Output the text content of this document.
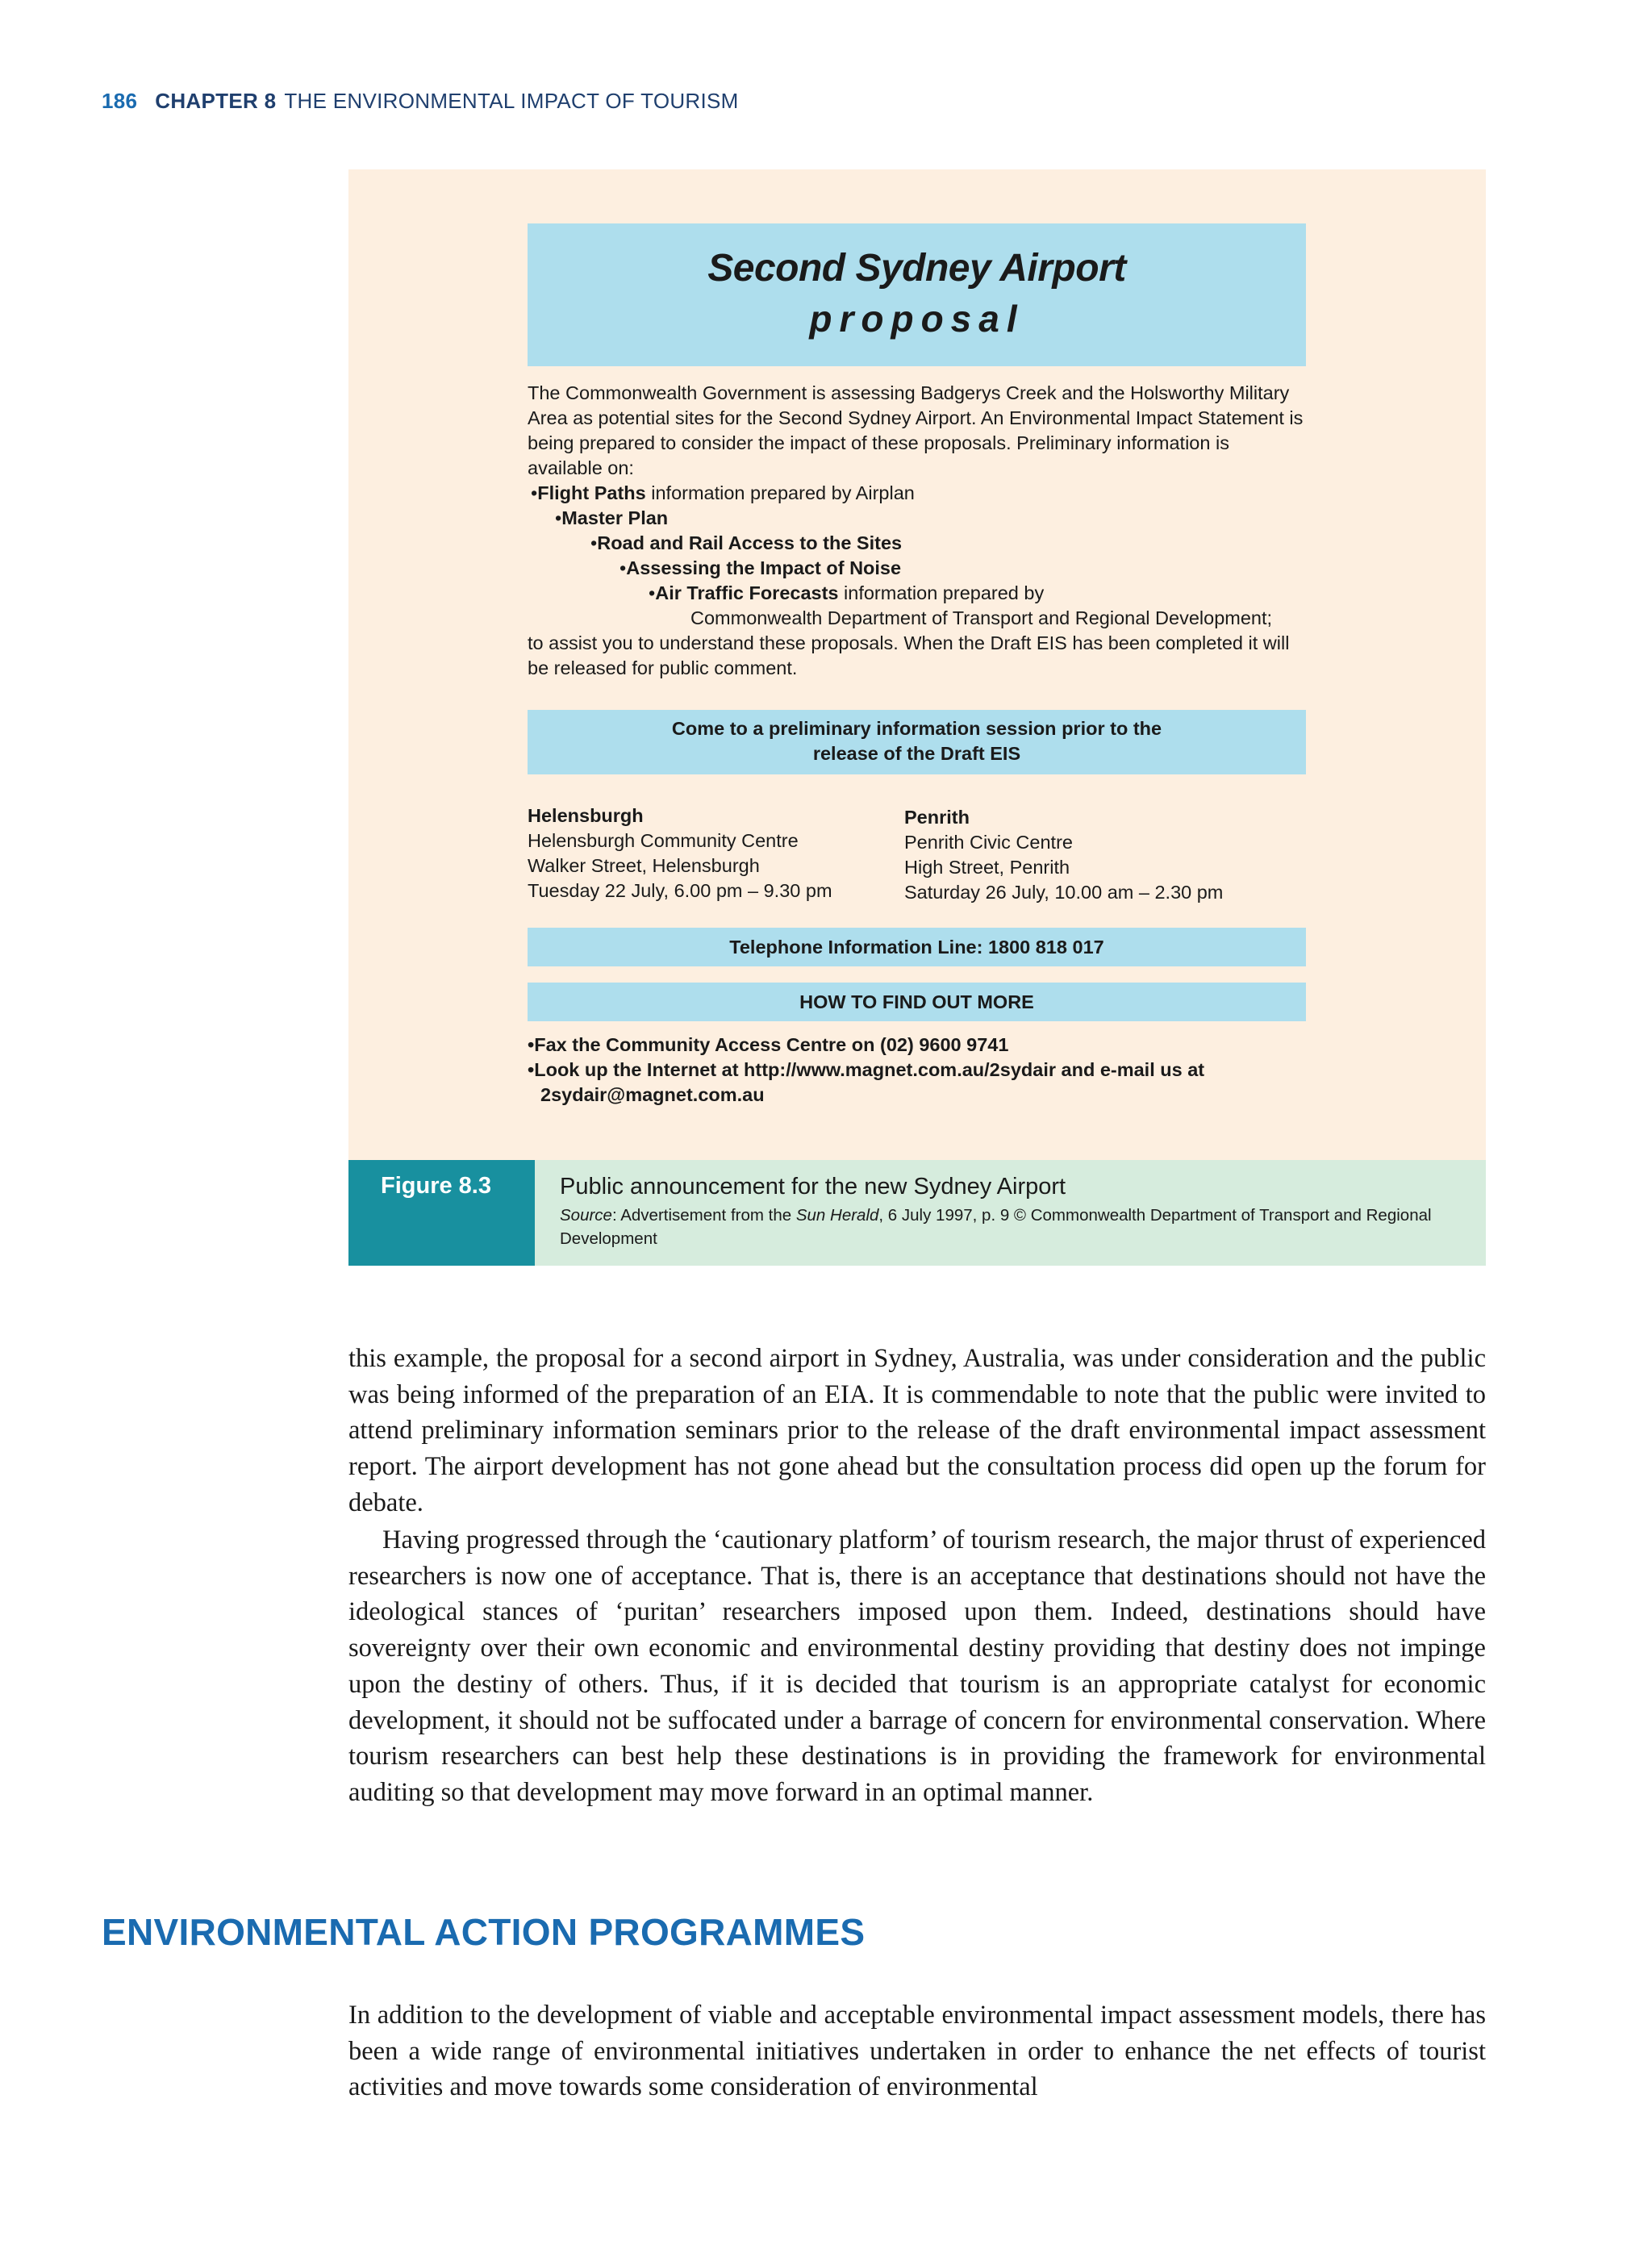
186 CHAPTER 8 THE ENVIRONMENTAL IMPACT OF TOURISM
Second Sydney Airport
proposal
The Commonwealth Government is assessing Badgerys Creek and the Holsworthy Military Area as potential sites for the Second Sydney Airport. An Environmental Impact Statement is being prepared to consider the impact of these proposals. Preliminary information is available on:
•Flight Paths information prepared by Airplan
•Master Plan
•Road and Rail Access to the Sites
•Assessing the Impact of Noise
•Air Traffic Forecasts information prepared by
Commonwealth Department of Transport and Regional Development;
to assist you to understand these proposals. When the Draft EIS has been completed it will be released for public comment.
Come to a preliminary information session prior to the
release of the Draft EIS
Helensburgh
Helensburgh Community Centre
Walker Street, Helensburgh
Tuesday 22 July, 6.00 pm – 9.30 pm
Penrith
Penrith Civic Centre
High Street, Penrith
Saturday 26 July, 10.00 am – 2.30 pm
Telephone Information Line: 1800 818 017
HOW TO FIND OUT MORE
•Fax the Community Access Centre on (02) 9600 9741
•Look up the Internet at http://www.magnet.com.au/2sydair and e-mail us at
2sydair@magnet.com.au
Figure 8.3	Public announcement for the new Sydney Airport
Source: Advertisement from the Sun Herald, 6 July 1997, p. 9 © Commonwealth Department of Transport and Regional Development
this example, the proposal for a second airport in Sydney, Australia, was under consideration and the public was being informed of the preparation of an EIA. It is commendable to note that the public were invited to attend preliminary information seminars prior to the release of the draft environmental impact assessment report. The airport development has not gone ahead but the consultation process did open up the forum for debate.
Having progressed through the ‘cautionary platform’ of tourism research, the major thrust of experienced researchers is now one of acceptance. That is, there is an acceptance that destinations should not have the ideological stances of ‘puritan’ researchers imposed upon them. Indeed, destinations should have sovereignty over their own economic and environmental destiny providing that destiny does not impinge upon the destiny of others. Thus, if it is decided that tourism is an appropriate catalyst for economic development, it should not be suffocated under a barrage of concern for environmental conservation. Where tourism researchers can best help these destinations is in providing the framework for environmental auditing so that development may move forward in an optimal manner.
ENVIRONMENTAL ACTION PROGRAMMES
In addition to the development of viable and acceptable environmental impact assessment models, there has been a wide range of environmental initiatives undertaken in order to enhance the net effects of tourist activities and move towards some consideration of environmental
